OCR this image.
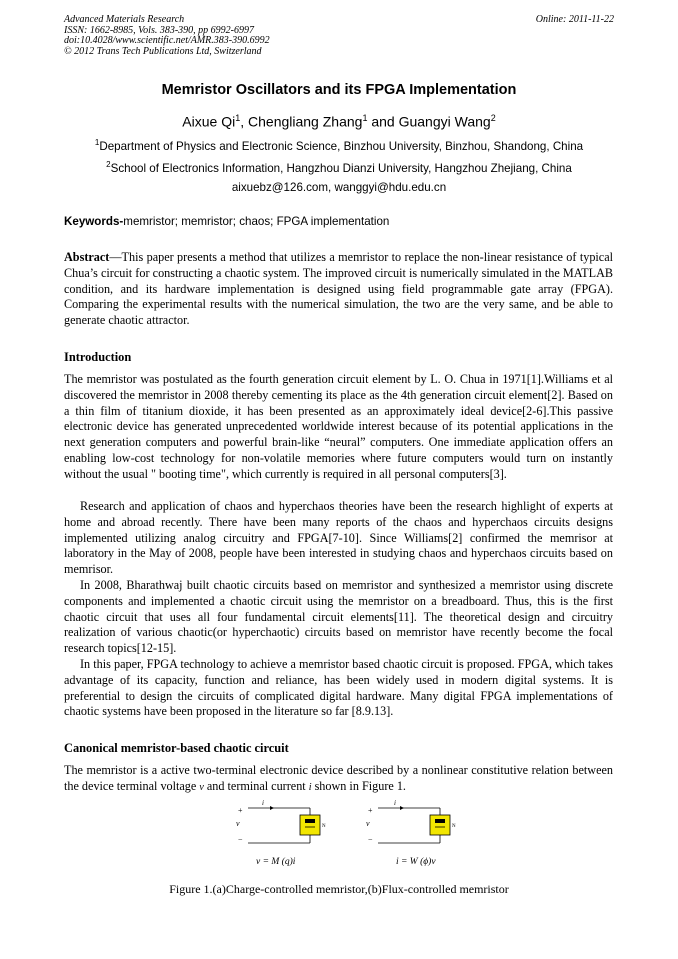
Advanced Materials Research
ISSN: 1662-8985, Vols. 383-390, pp 6992-6997
doi:10.4028/www.scientific.net/AMR.383-390.6992
© 2012 Trans Tech Publications Ltd, Switzerland
Online: 2011-11-22
Memristor Oscillators and its FPGA Implementation
Aixue Qi$^1$, Chengliang Zhang$^1$ and Guangyi Wang$^2$
$^1$Department of Physics and Electronic Science, Binzhou University, Binzhou, Shandong, China
$^2$School of Electronics Information, Hangzhou Dianzi University, Hangzhou Zhejiang, China
aixuebz@126.com, wanggyi@hdu.edu.cn
Keywords-memristor; memristor; chaos; FPGA implementation

Abstract—This paper presents a method that utilizes a memristor to replace the non-linear resistance of typical Chua’s circuit for constructing a chaotic system. The improved circuit is numerically simulated in the MATLAB condition, and its hardware implementation is designed using field programmable gate array (FPGA). Comparing the experimental results with the numerical simulation, the two are the very same, and be able to generate chaotic attractor.

Introduction

The memristor was postulated as the fourth generation circuit element by L. O. Chua in 1971[1].Williams et al discovered the memristor in 2008 thereby cementing its place as the 4th generation circuit element[2]. Based on a thin film of titanium dioxide, it has been presented as an approximately ideal device[2-6].This passive electronic device has generated unprecedented worldwide interest because of its potential applications in the next generation computers and powerful brain-like “neural” computers. One immediate application offers an enabling low-cost technology for non-volatile memories where future computers would turn on instantly without the usual " booting time", which currently is required in all personal computers[3].

Research and application of chaos and hyperchaos theories have been the research highlight of experts at home and abroad recently. There have been many reports of the chaos and hyperchaos circuits designs implemented utilizing analog circuitry and FPGA[7-10]. Since Williams[2] confirmed the memrisor at laboratory in the May of 2008, people have been interested in studying chaos and hyperchaos circuits based on memrisor.

In 2008, Bharathwaj built chaotic circuits based on memristor and synthesized a memristor using discrete components and implemented a chaotic circuit using the memristor on a breadboard. Thus, this is the first chaotic circuit that uses all four fundamental circuit elements[11]. The theoretical design and circuitry realization of various chaotic(or hyperchaotic) circuits based on memristor have recently become the focal research topics[12-15].

In this paper, FPGA technology to achieve a memristor based chaotic circuit is proposed. FPGA, which takes advantage of its capacity, function and reliance, has been widely used in modern digital systems. It is preferential to design the circuits of complicated digital hardware. Many digital FPGA implementations of chaotic systems have been proposed in the literature so far [8.9.13].

Canonical memristor-based chaotic circuit

The memristor is a active two-terminal electronic device described by a nonlinear constitutive relation between the device terminal voltage v and terminal current i shown in Figure 1.

i
+
v
−
N
v = M (q)i
i
+
v
−
N
i = W (ϕ)v
Figure 1.(a)Charge-controlled memristor,(b)Flux-controlled memristor
